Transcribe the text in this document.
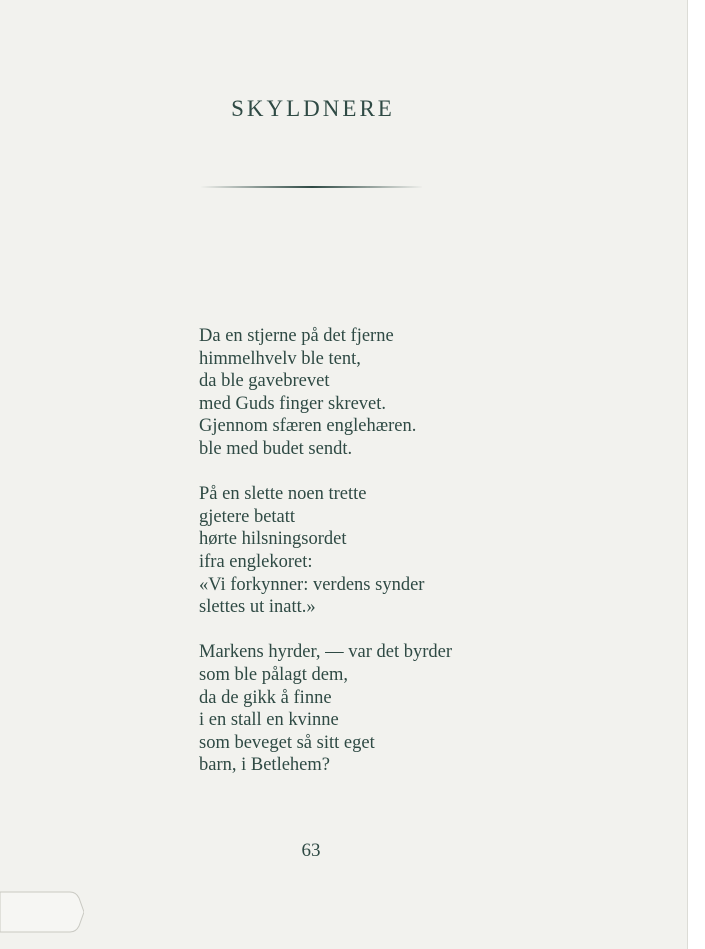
SKYLDNERE
Da en stjerne på det fjerne
himmelhvelv ble tent,
da ble gavebrevet
med Guds finger skrevet.
Gjennom sfæren englehæren.
ble med budet sendt.
På en slette noen trette
gjetere betatt
hørte hilsningsordet
ifra englekoret:
«Vi forkynner: verdens synder
slettes ut inatt.»
Markens hyrder, — var det byrder
som ble pålagt dem,
da de gikk å finne
i en stall en kvinne
som beveget så sitt eget
barn, i Betlehem?
63
